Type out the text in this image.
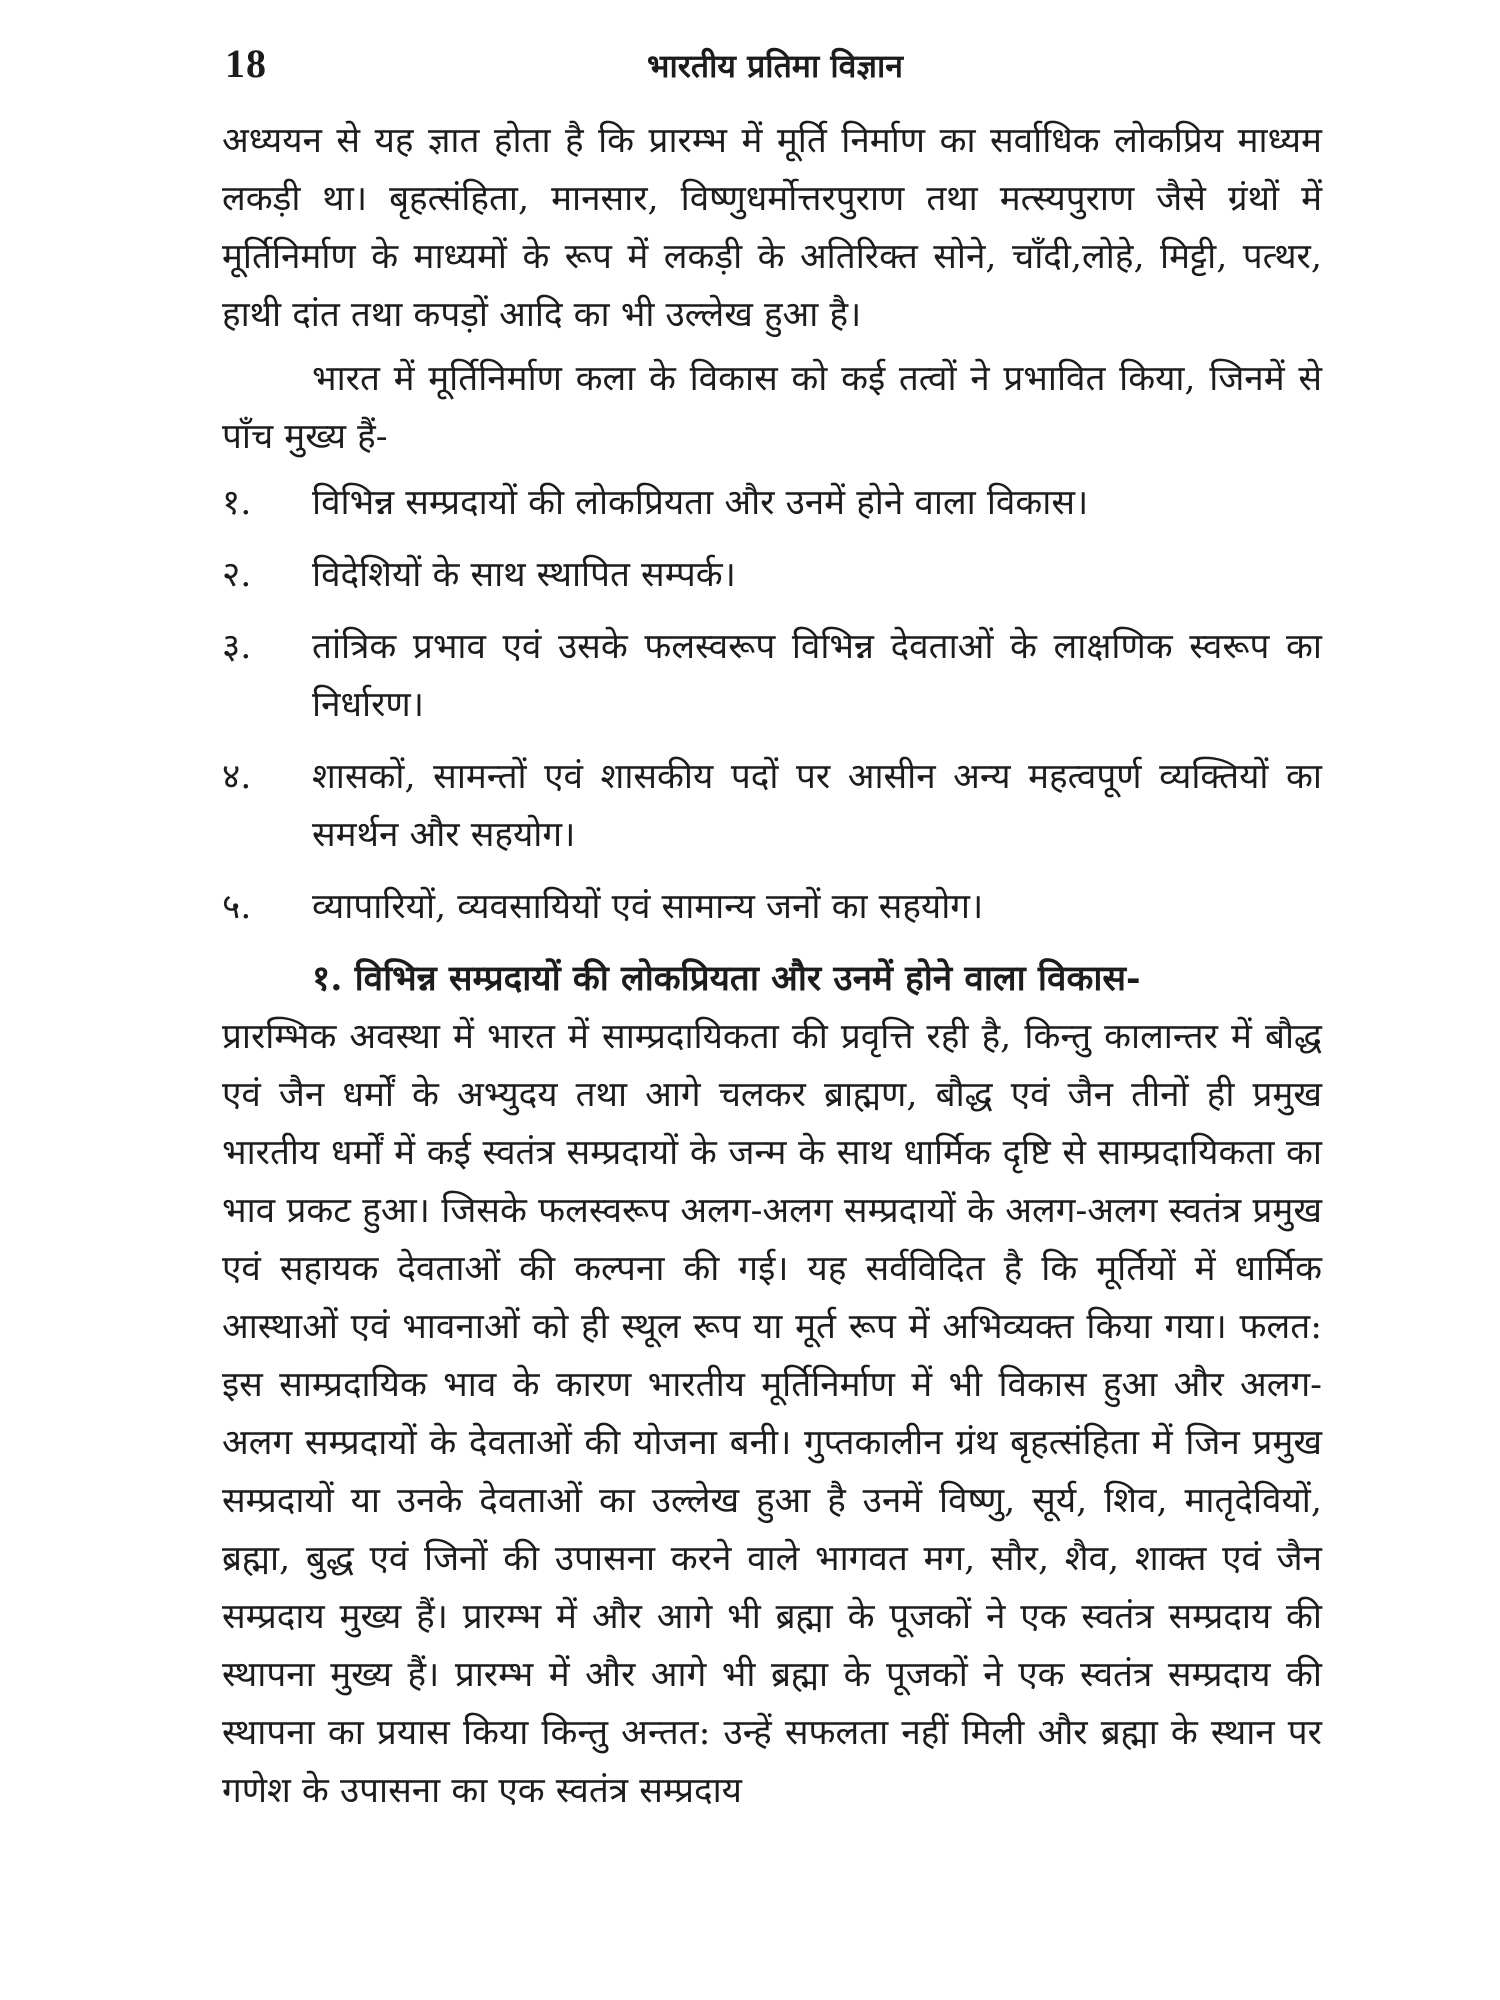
18	भारतीय प्रतिमा विज्ञान

अध्ययन से यह ज्ञात होता है कि प्रारम्भ में मूर्ति निर्माण का सर्वाधिक लोकप्रिय माध्यम लकड़ी था। बृहत्संहिता, मानसार, विष्णुधर्मोत्तरपुराण तथा मत्स्यपुराण जैसे ग्रंथों में मूर्तिनिर्माण के माध्यमों के रूप में लकड़ी के अतिरिक्त सोने, चाँदी,लोहे, मिट्टी, पत्थर, हाथी दांत तथा कपड़ों आदि का भी उल्लेख हुआ है।

भारत में मूर्तिनिर्माण कला के विकास को कई तत्वों ने प्रभावित किया, जिनमें से पाँच मुख्य हैं-

१.	विभिन्न सम्प्रदायों की लोकप्रियता और उनमें होने वाला विकास।
२.	विदेशियों के साथ स्थापित सम्पर्क।
३.	तांत्रिक प्रभाव एवं उसके फलस्वरूप विभिन्न देवताओं के लाक्षणिक स्वरूप का निर्धारण।
४.	शासकों, सामन्तों एवं शासकीय पदों पर आसीन अन्य महत्वपूर्ण व्यक्तियों का समर्थन और सहयोग।
५.	व्यापारियों, व्यवसायियों एवं सामान्य जनों का सहयोग।
१. विभिन्न सम्प्रदायों की लोकप्रियता और उनमें होने वाला विकास-

प्रारम्भिक अवस्था में भारत में साम्प्रदायिकता की प्रवृत्ति रही है, किन्तु कालान्तर में बौद्ध एवं जैन धर्मों के अभ्युदय तथा आगे चलकर ब्राह्मण, बौद्ध एवं जैन तीनों ही प्रमुख भारतीय धर्मों में कई स्वतंत्र सम्प्रदायों के जन्म के साथ धार्मिक दृष्टि से साम्प्रदायिकता का भाव प्रकट हुआ। जिसके फलस्वरूप अलग-अलग सम्प्रदायों के अलग-अलग स्वतंत्र प्रमुख एवं सहायक देवताओं की कल्पना की गई। यह सर्वविदित है कि मूर्तियों में धार्मिक आस्थाओं एवं भावनाओं को ही स्थूल रूप या मूर्त रूप में अभिव्यक्त किया गया। फलत: इस साम्प्रदायिक भाव के कारण भारतीय मूर्तिनिर्माण में भी विकास हुआ और अलग-अलग सम्प्रदायों के देवताओं की योजना बनी। गुप्तकालीन ग्रंथ बृहत्संहिता में जिन प्रमुख सम्प्रदायों या उनके देवताओं का उल्लेख हुआ है उनमें विष्णु, सूर्य, शिव, मातृदेवियों, ब्रह्मा, बुद्ध एवं जिनों की उपासना करने वाले भागवत मग, सौर, शैव, शाक्त एवं जैन सम्प्रदाय मुख्य हैं। प्रारम्भ में और आगे भी ब्रह्मा के पूजकों ने एक स्वतंत्र सम्प्रदाय की स्थापना मुख्य हैं। प्रारम्भ में और आगे भी ब्रह्मा के पूजकों ने एक स्वतंत्र सम्प्रदाय की स्थापना का प्रयास किया किन्तु अन्तत: उन्हें सफलता नहीं मिली और ब्रह्मा के स्थान पर गणेश के उपासना का एक स्वतंत्र सम्प्रदाय
